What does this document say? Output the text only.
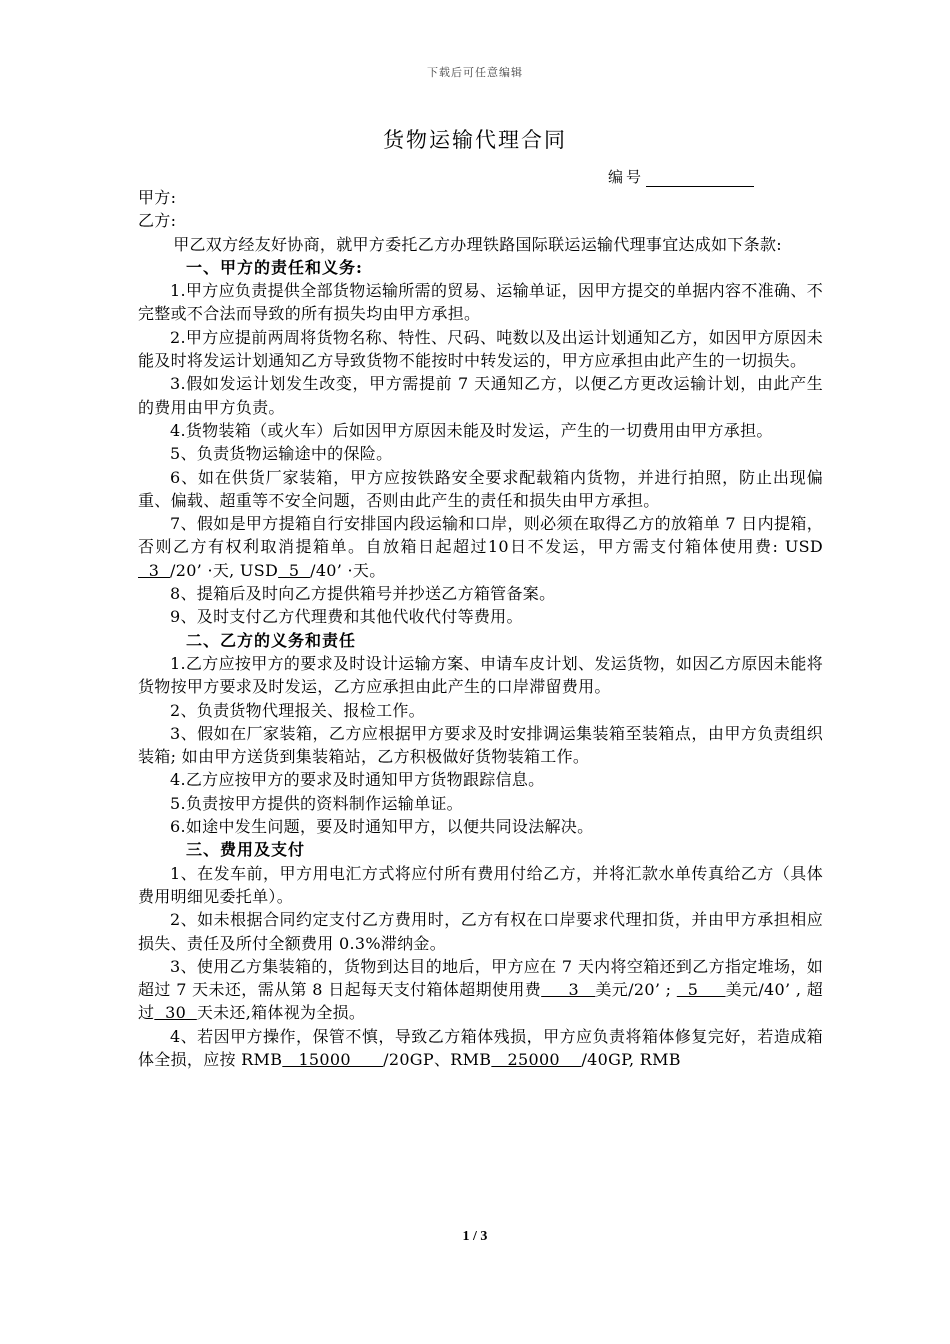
下载后可任意编辑
货物运输代理合同
编号

甲方:

乙方:

甲乙双方经友好协商，就甲方委托乙方办理铁路国际联运运输代理事宜达成如下条款:

一、甲方的责任和义务:

1.甲方应负责提供全部货物运输所需的贸易、运输单证，因甲方提交的单据内容不准确、不完整或不合法而导致的所有损失均由甲方承担。

2.甲方应提前两周将货物名称、特性、尺码、吨数以及出运计划通知乙方，如因甲方原因未能及时将发运计划通知乙方导致货物不能按时中转发运的，甲方应承担由此产生的一切损失。

3.假如发运计划发生改变，甲方需提前 7 天通知乙方，以便乙方更改运输计划，由此产生的费用由甲方负责。

4.货物装箱（或火车）后如因甲方原因未能及时发运，产生的一切费用由甲方承担。

5、负责货物运输途中的保险。

6、如在供货厂家装箱，甲方应按铁路安全要求配载箱内货物，并进行拍照，防止出现偏重、偏载、超重等不安全问题，否则由此产生的责任和损失由甲方承担。

7、假如是甲方提箱自行安排国内段运输和口岸，则必须在取得乙方的放箱单 7 日内提箱，否则乙方有权利取消提箱单。自放箱日起超过10日不发运，甲方需支付箱体使用费: USD  3  /20’ ·天, USD  5  /40’ ·天。

8、提箱后及时向乙方提供箱号并抄送乙方箱管备案。

9、及时支付乙方代理费和其他代收代付等费用。

二、乙方的义务和责任

1.乙方应按甲方的要求及时设计运输方案、申请车皮计划、发运货物，如因乙方原因未能将货物按甲方要求及时发运，乙方应承担由此产生的口岸滞留费用。

2、负责货物代理报关、报检工作。

3、假如在厂家装箱，乙方应根据甲方要求及时安排调运集装箱至装箱点，由甲方负责组织装箱; 如由甲方送货到集装箱站，乙方积极做好货物装箱工作。

4.乙方应按甲方的要求及时通知甲方货物跟踪信息。

5.负责按甲方提供的资料制作运输单证。

6.如途中发生问题，要及时通知甲方，以便共同设法解决。

三、费用及支付

1、在发车前，甲方用电汇方式将应付所有费用付给乙方，并将汇款水单传真给乙方（具体费用明细见委托单）。

2、如未根据合同约定支付乙方费用时，乙方有权在口岸要求代理扣货，并由甲方承担相应损失、责任及所付全额费用 0.3%滞纳金。

3、使用乙方集装箱的，货物到达目的地后，甲方应在 7 天内将空箱还到乙方指定堆场，如超过 7 天未还，需从第 8 日起每天支付箱体超期使用费     3   美元/20’ ;   5     美元/40’ , 超过  30  天未还,箱体视为全损。

4、若因甲方操作，保管不慎，导致乙方箱体残损，甲方应负责将箱体修复完好，若造成箱体全损，应按 RMB   15000      /20GP、RMB   25000    /40GP, RMB

1 / 3
